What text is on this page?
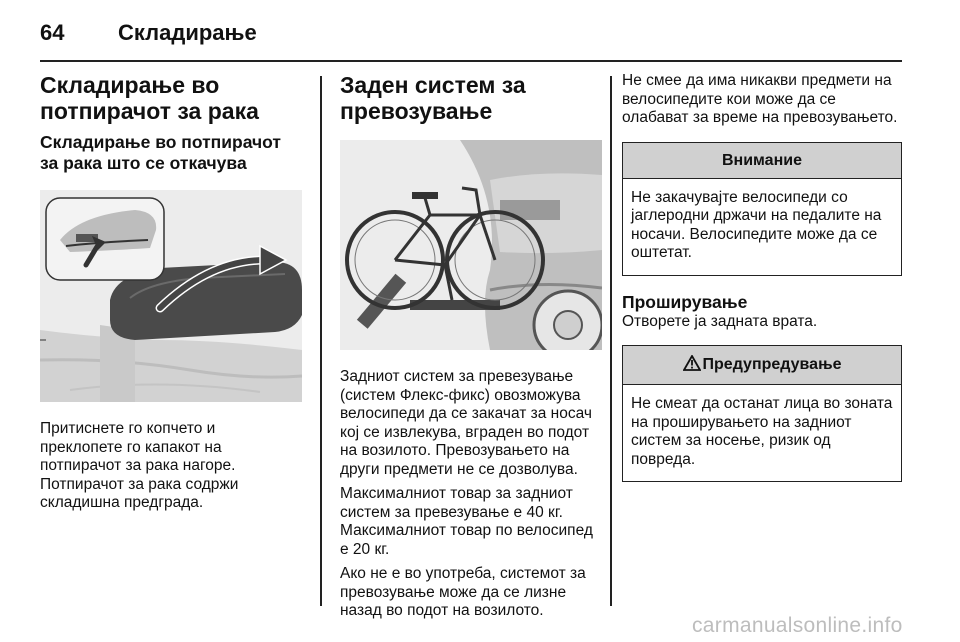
64 Складирање
Складирање во потпирачот за рака
Складирање во потпирачот за рака што се откачува

Притиснете го копчето и преклопете го капакот на потпирачот за рака нагоре. Потпирачот за рака содржи складишна предграда.

Заден систем за превозување

Задниот систем за превезување (систем Флекс-фикс) овозможува велосипеди да се закачат за носач кој се извлекува, вграден во подот на возилото. Превозувањето на други предмети не се дозволува.

Максималниот товар за задниот систем за превезување е 40 кг. Максималниот товар по велосипед е 20 кг.

Ако не е во употреба, системот за превозување може да се лизне назад во подот на возилото.

Не смее да има никакви предмети на велосипедите кои може да се олабават за време на превозувањето.

Внимание

Не закачувајте велосипеди со јаглеродни држачи на педалите на носачи. Велосипедите може да се оштетат.

Проширување

Отворете ја задната врата.

Предупредување

Не смеат да останат лица во зоната на проширувањето на задниот систем за носење, ризик од повреда.

carmanualsonline.info
